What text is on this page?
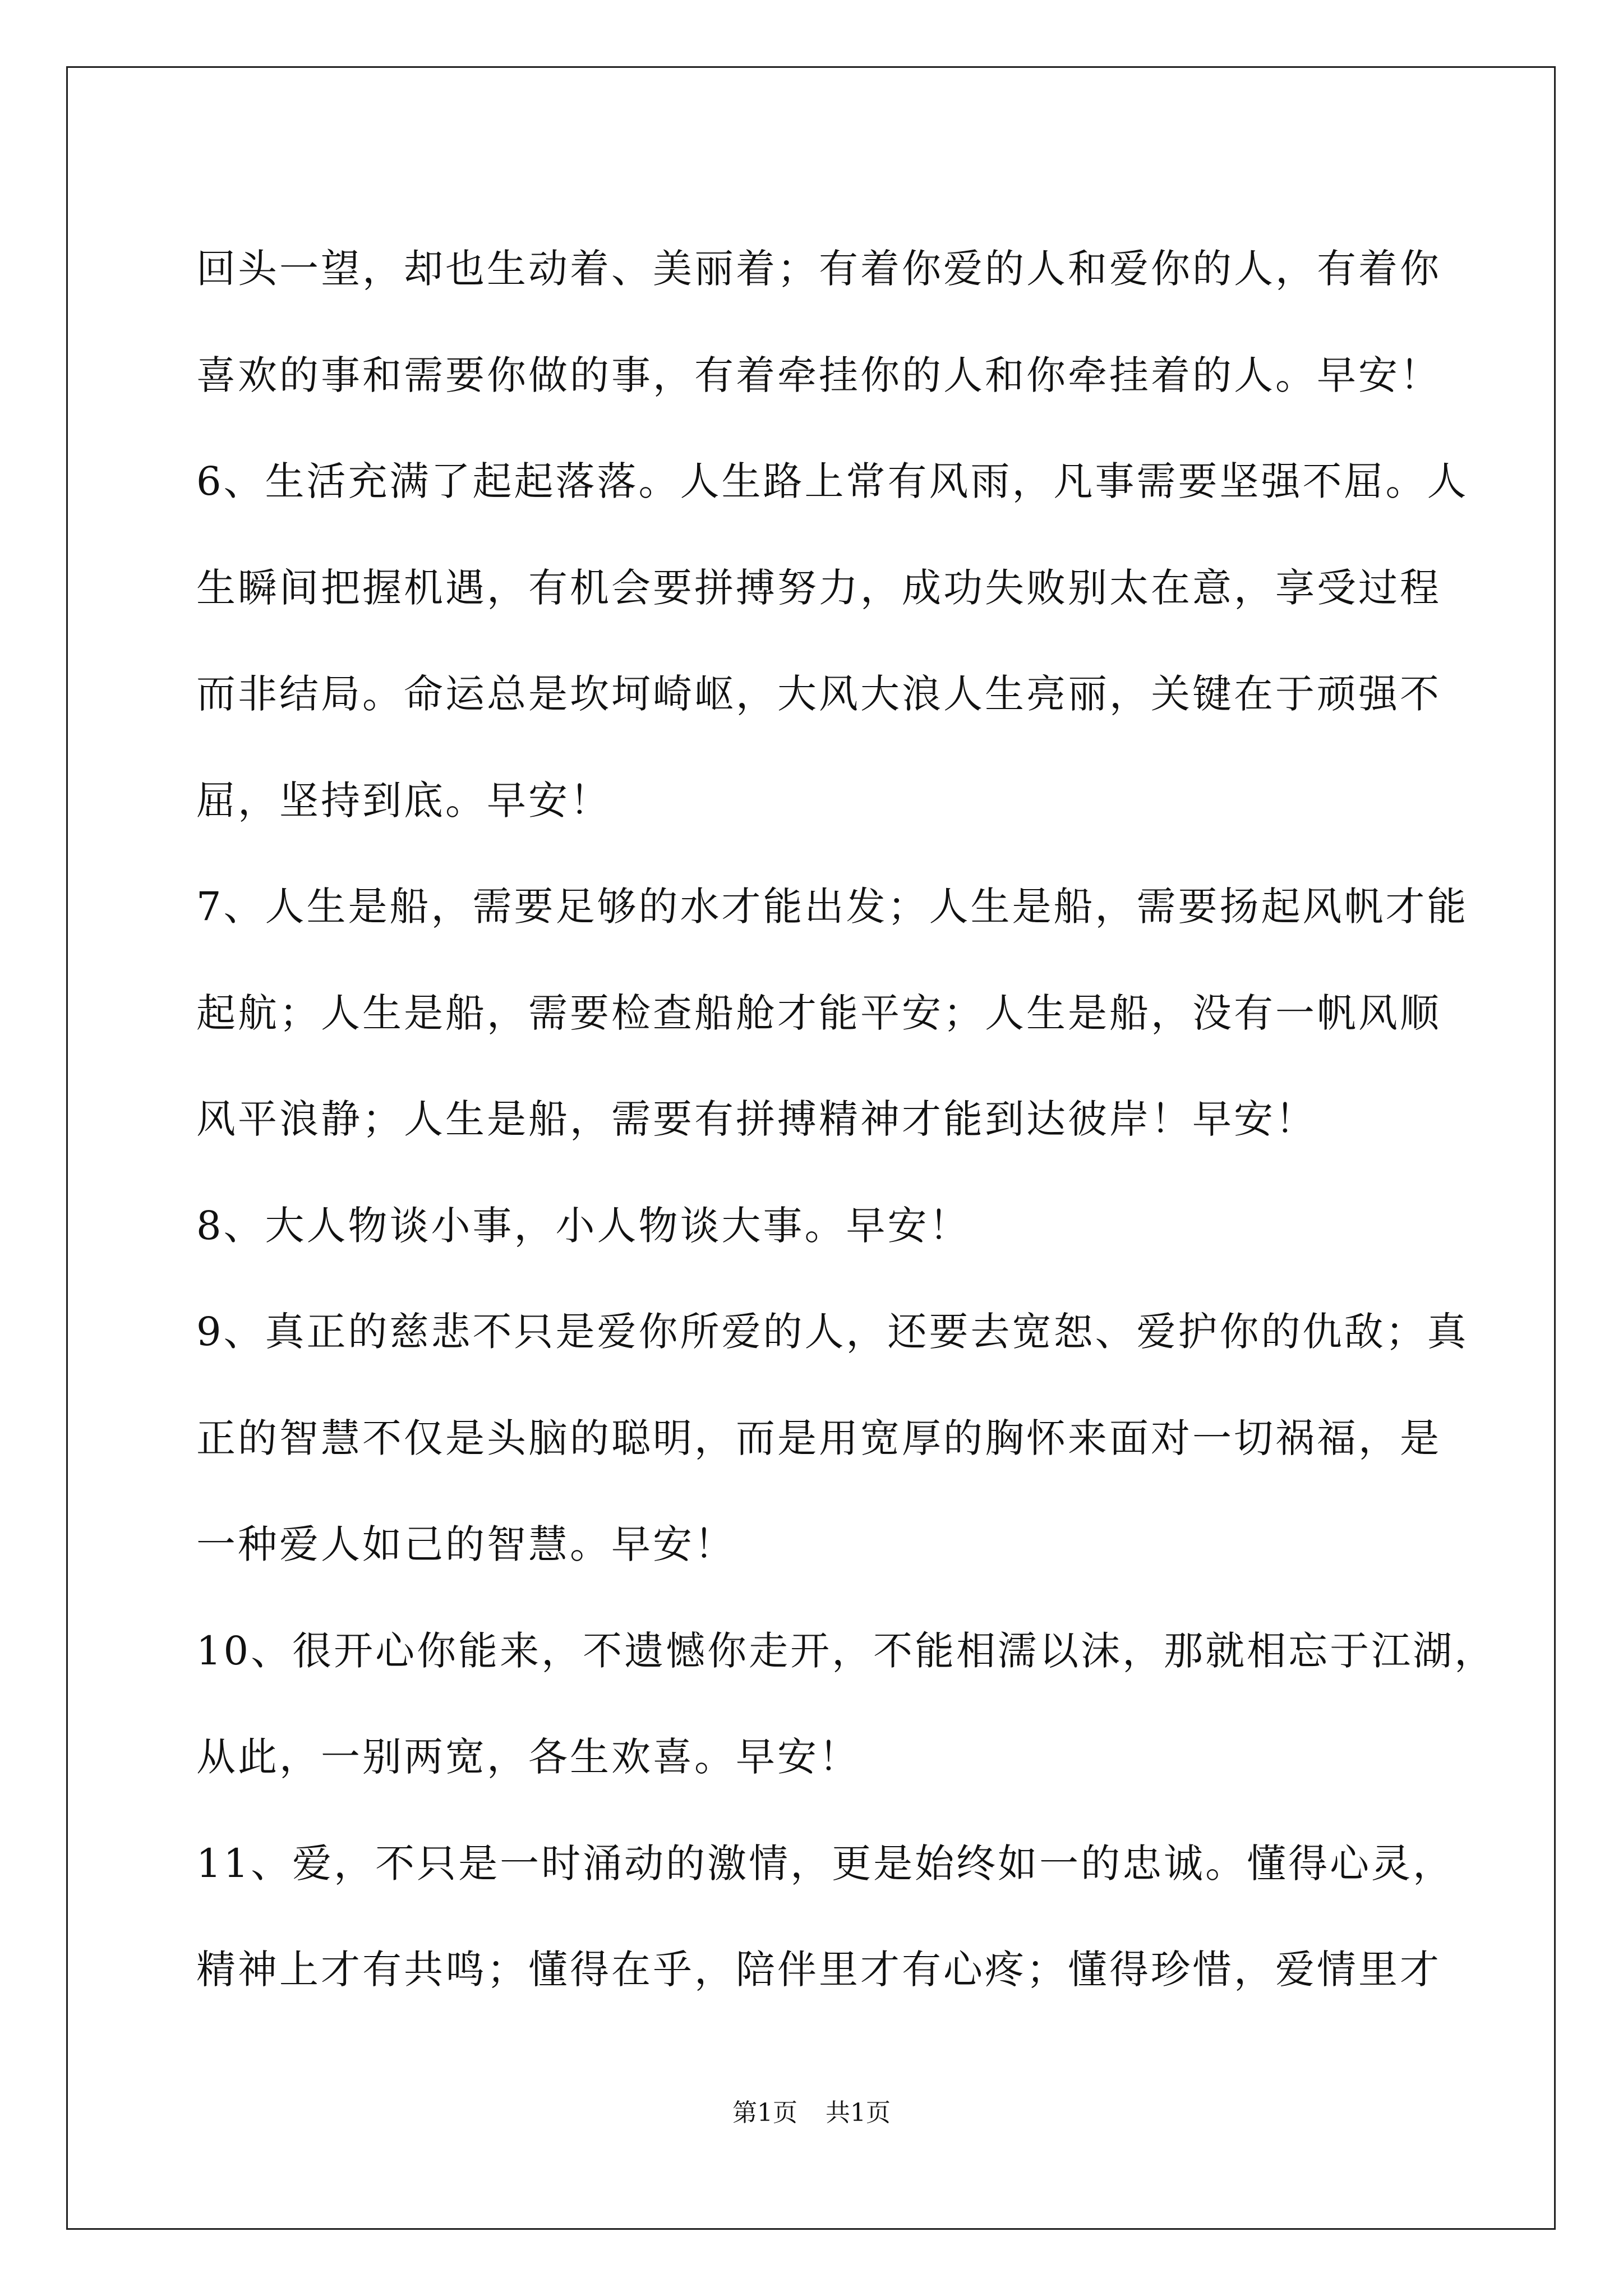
回头一望，却也生动着、美丽着；有着你爱的人和爱你的人，有着你
喜欢的事和需要你做的事，有着牵挂你的人和你牵挂着的人。早安！
6、生活充满了起起落落。人生路上常有风雨，凡事需要坚强不屈。人
生瞬间把握机遇，有机会要拼搏努力，成功失败别太在意，享受过程
而非结局。命运总是坎坷崎岖，大风大浪人生亮丽，关键在于顽强不
屈，坚持到底。早安！
7、人生是船，需要足够的水才能出发；人生是船，需要扬起风帆才能
起航；人生是船，需要检查船舱才能平安；人生是船，没有一帆风顺
风平浪静；人生是船，需要有拼搏精神才能到达彼岸！早安！
8、大人物谈小事，小人物谈大事。早安！
9、真正的慈悲不只是爱你所爱的人，还要去宽恕、爱护你的仇敌；真
正的智慧不仅是头脑的聪明，而是用宽厚的胸怀来面对一切祸福，是
一种爱人如己的智慧。早安！
10、很开心你能来，不遗憾你走开，不能相濡以沫，那就相忘于江湖，
从此，一别两宽，各生欢喜。早安！
11、爱，不只是一时涌动的激情，更是始终如一的忠诚。懂得心灵，
精神上才有共鸣；懂得在乎，陪伴里才有心疼；懂得珍惜，爱情里才
第1页 共1页
